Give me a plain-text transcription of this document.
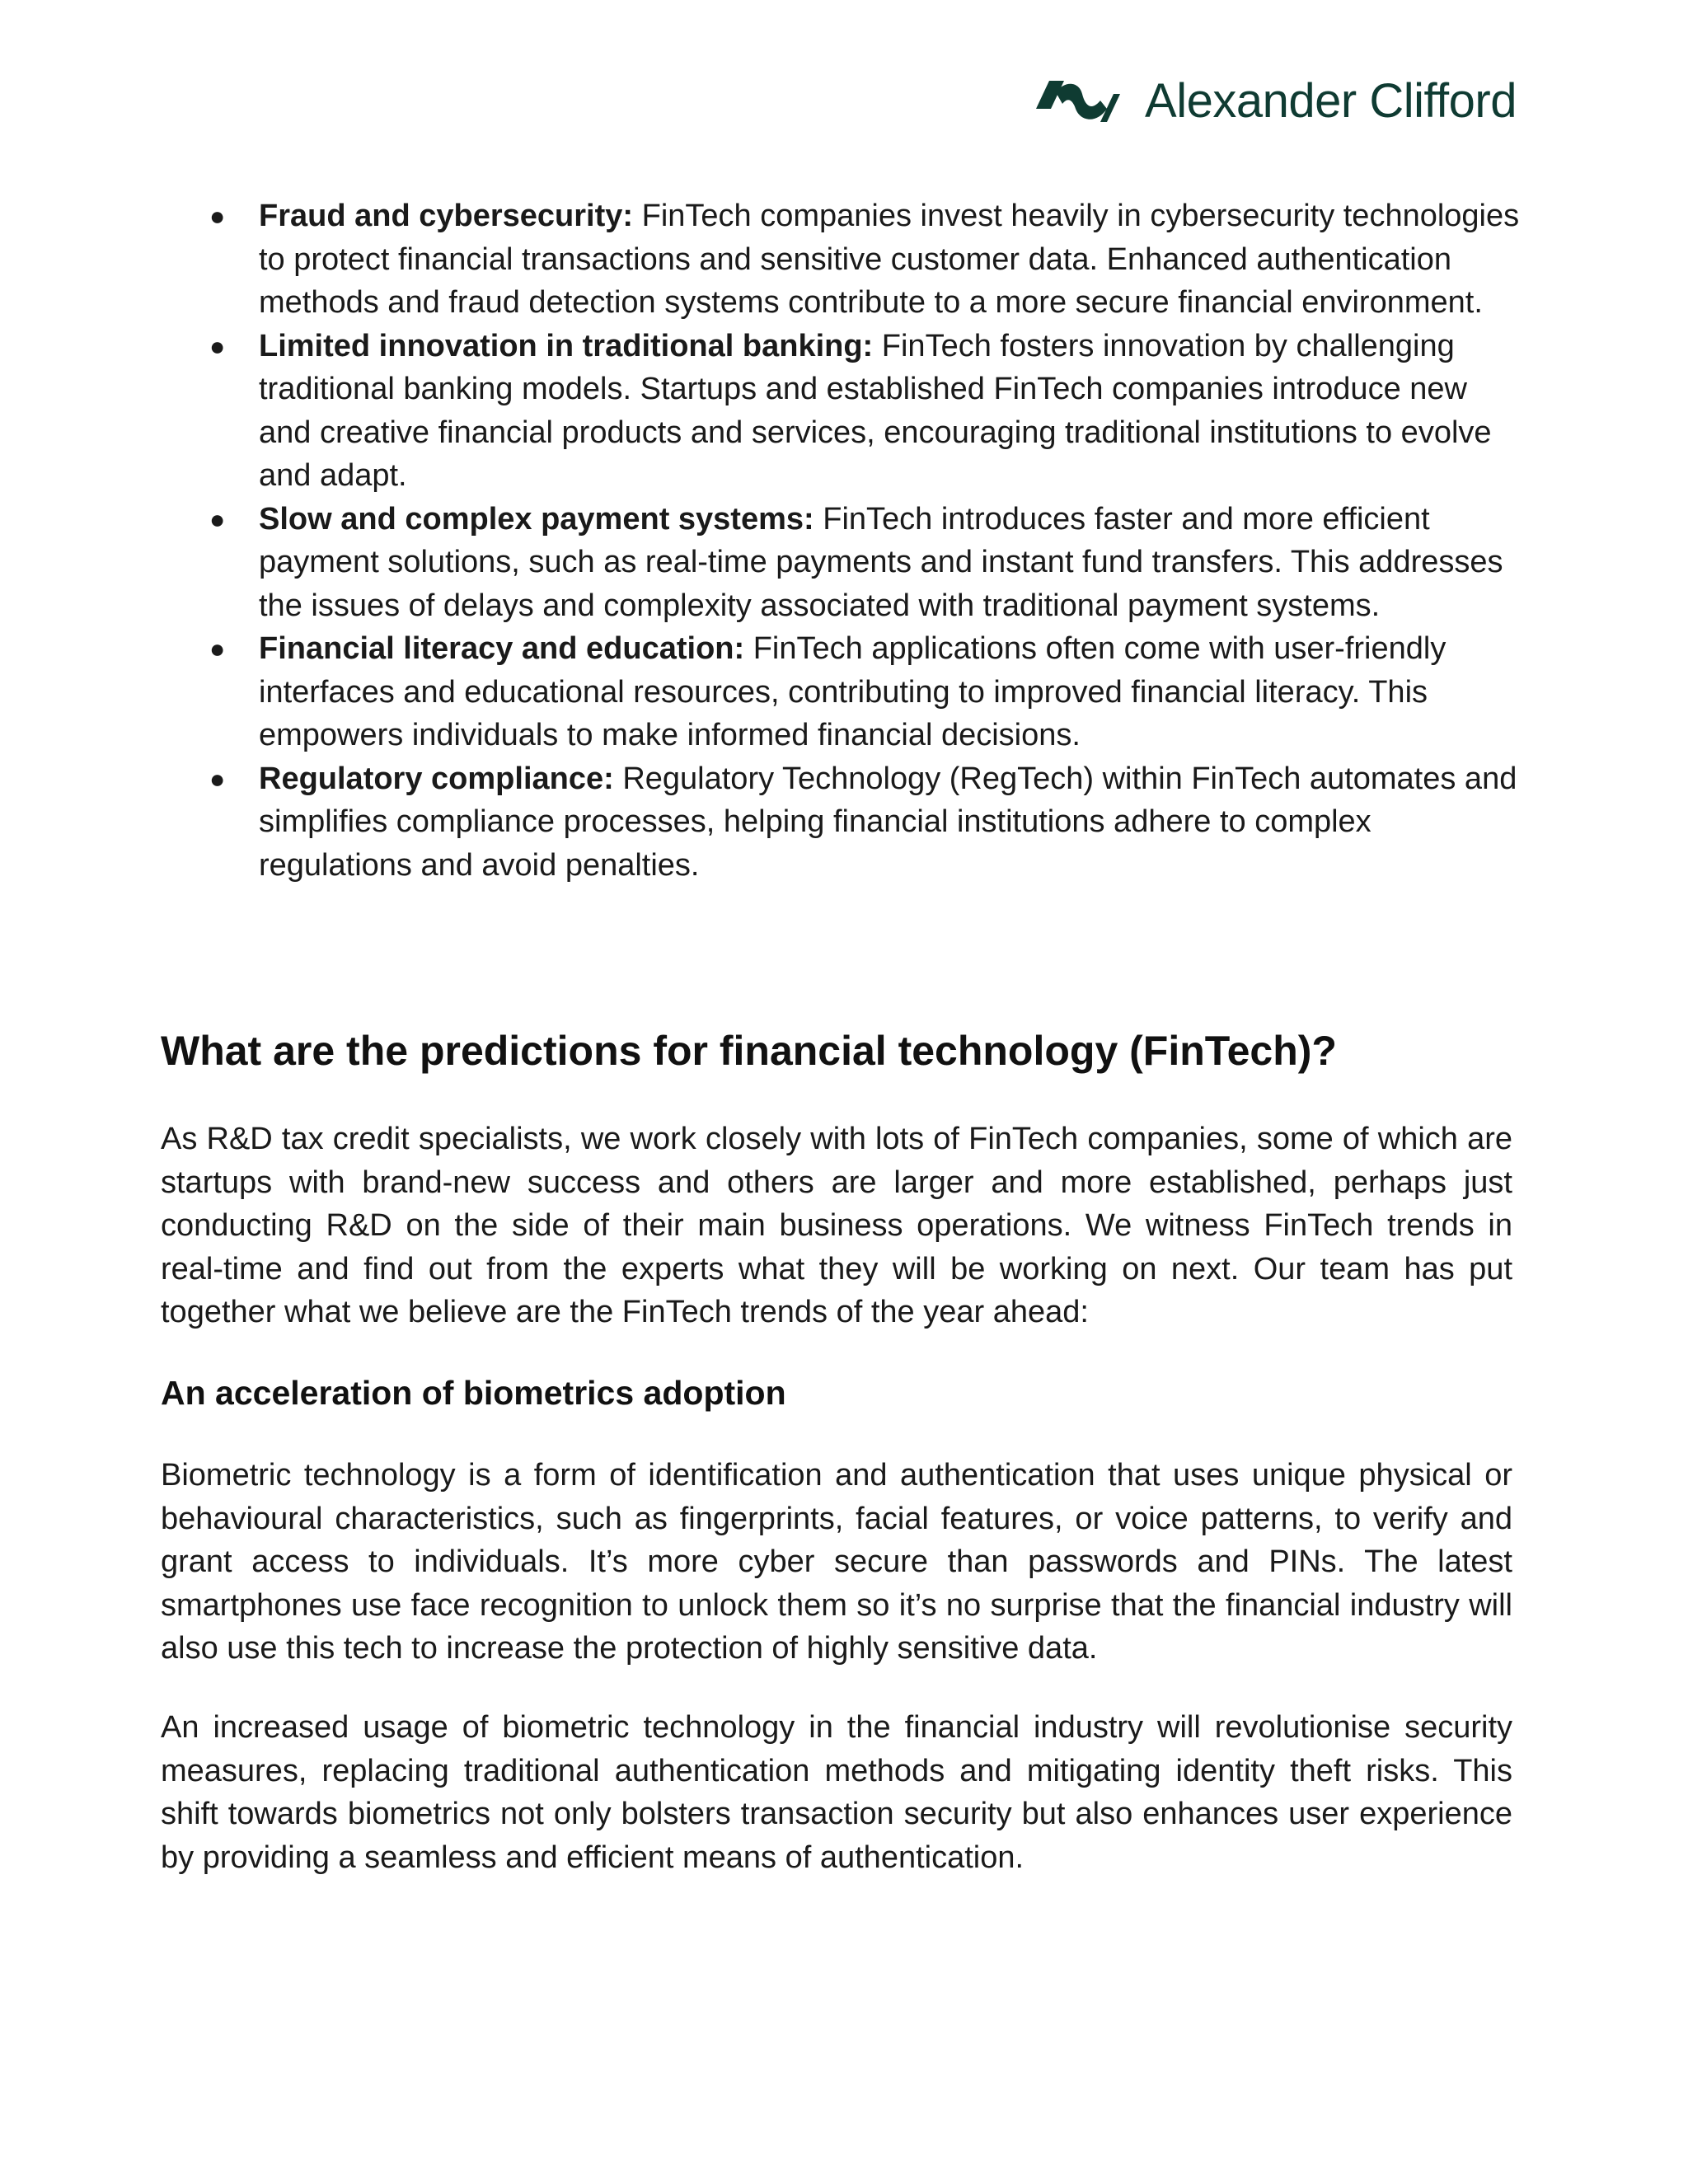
Alexander Clifford
● Fraud and cybersecurity: FinTech companies invest heavily in cybersecurity technologies to protect financial transactions and sensitive customer data. Enhanced authentication methods and fraud detection systems contribute to a more secure financial environment.
● Limited innovation in traditional banking: FinTech fosters innovation by challenging traditional banking models. Startups and established FinTech companies introduce new and creative financial products and services, encouraging traditional institutions to evolve and adapt.
● Slow and complex payment systems: FinTech introduces faster and more efficient payment solutions, such as real-time payments and instant fund transfers. This addresses the issues of delays and complexity associated with traditional payment systems.
● Financial literacy and education: FinTech applications often come with user-friendly interfaces and educational resources, contributing to improved financial literacy. This empowers individuals to make informed financial decisions.
● Regulatory compliance: Regulatory Technology (RegTech) within FinTech automates and simplifies compliance processes, helping financial institutions adhere to complex regulations and avoid penalties.
What are the predictions for financial technology (FinTech)?

As R&D tax credit specialists, we work closely with lots of FinTech companies, some of which are startups with brand-new success and others are larger and more established, perhaps just conducting R&D on the side of their main business operations. We witness FinTech trends in real-time and find out from the experts what they will be working on next. Our team has put together what we believe are the FinTech trends of the year ahead:

An acceleration of biometrics adoption

Biometric technology is a form of identification and authentication that uses unique physical or behavioural characteristics, such as fingerprints, facial features, or voice patterns, to verify and grant access to individuals. It’s more cyber secure than passwords and PINs. The latest smartphones use face recognition to unlock them so it’s no surprise that the financial industry will also use this tech to increase the protection of highly sensitive data.

An increased usage of biometric technology in the financial industry will revolutionise security measures, replacing traditional authentication methods and mitigating identity theft risks. This shift towards biometrics not only bolsters transaction security but also enhances user experience by providing a seamless and efficient means of authentication.
